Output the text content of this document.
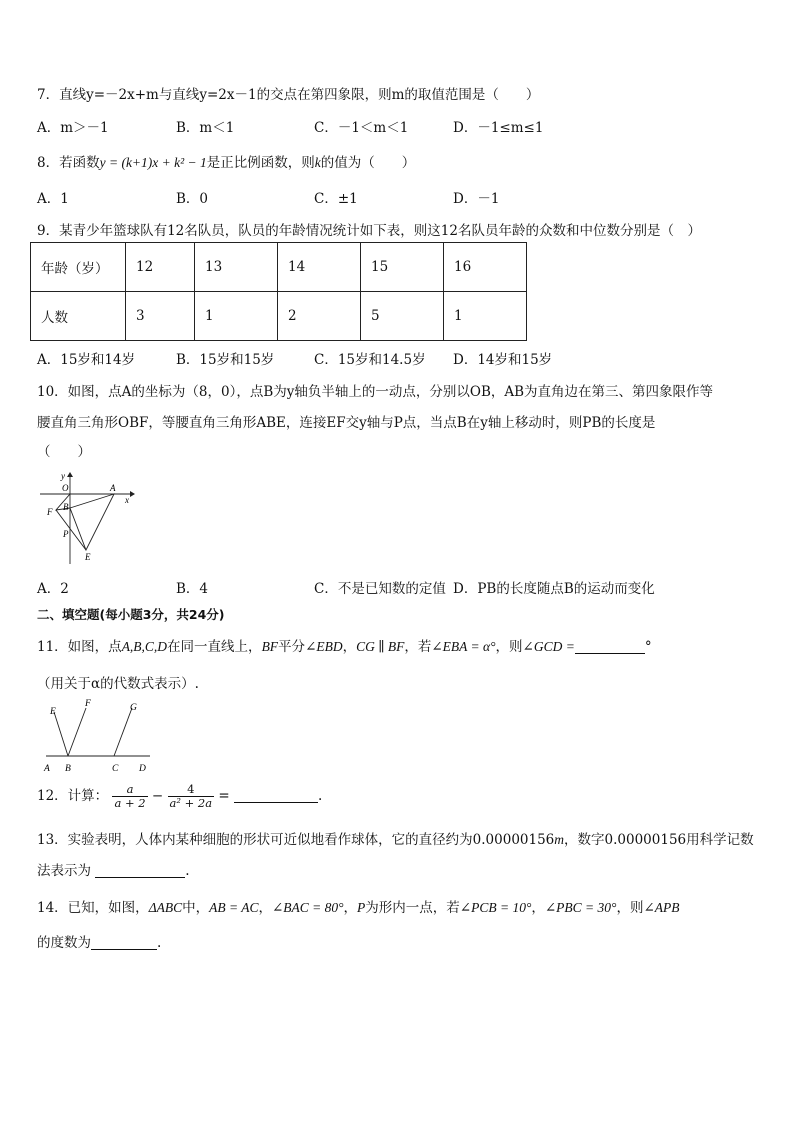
7．直线y=－2x+m与直线y=2x－1的交点在第四象限，则m的取值范围是（　　）
A．m＞－1	B．m＜1	C．－1＜m＜1	D．－1≤m≤1
8．若函数y = (k+1)x + k² − 1是正比例函数，则k的值为（　　）
A．1	B．0	C．±1	D．－1
9．某青少年篮球队有12名队员，队员的年龄情况统计如下表，则这12名队员年龄的众数和中位数分别是（　）
年龄（岁）	12	13	14	15	16
人数	3	1	2	5	1
A．15岁和14岁	B．15岁和15岁	C．15岁和14.5岁 D．14岁和15岁
10．如图，点A的坐标为（8，0），点B为y轴负半轴上的一动点，分别以OB，AB为直角边在第三、第四象限作等
腰直角三角形OBF，等腰直角三角形ABE，连接EF交y轴与P点，当点B在y轴上移动时，则PB的长度是
（　　）
y
O	A
x
F B
P
E
A．2	B．4	C．不是已知数的定值 D．PB的长度随点B的运动而变化
二、填空题(每小题3分，共24分)
11．如图，点A,B,C,D在同一直线上，BF平分∠EBD，CG ∥ BF，若∠EBA = α°，则∠GCD =	°
（用关于α的代数式表示）.
E
F	G
A B	C D
12．计算： $\frac{a}{a + 2} - \frac{4}{\text{a² + 2a}}$ =	.
13．实验表明，人体内某种细胞的形状可近似地看作球体，它的直径约为0.00000156m，数字0.00000156用科学记数
法表示为	.
14．已知，如图，ΔABC中，AB = AC，∠BAC = 80°，P为形内一点，若∠PCB = 10°，∠PBC = 30°，则∠APB
的度数为	.
